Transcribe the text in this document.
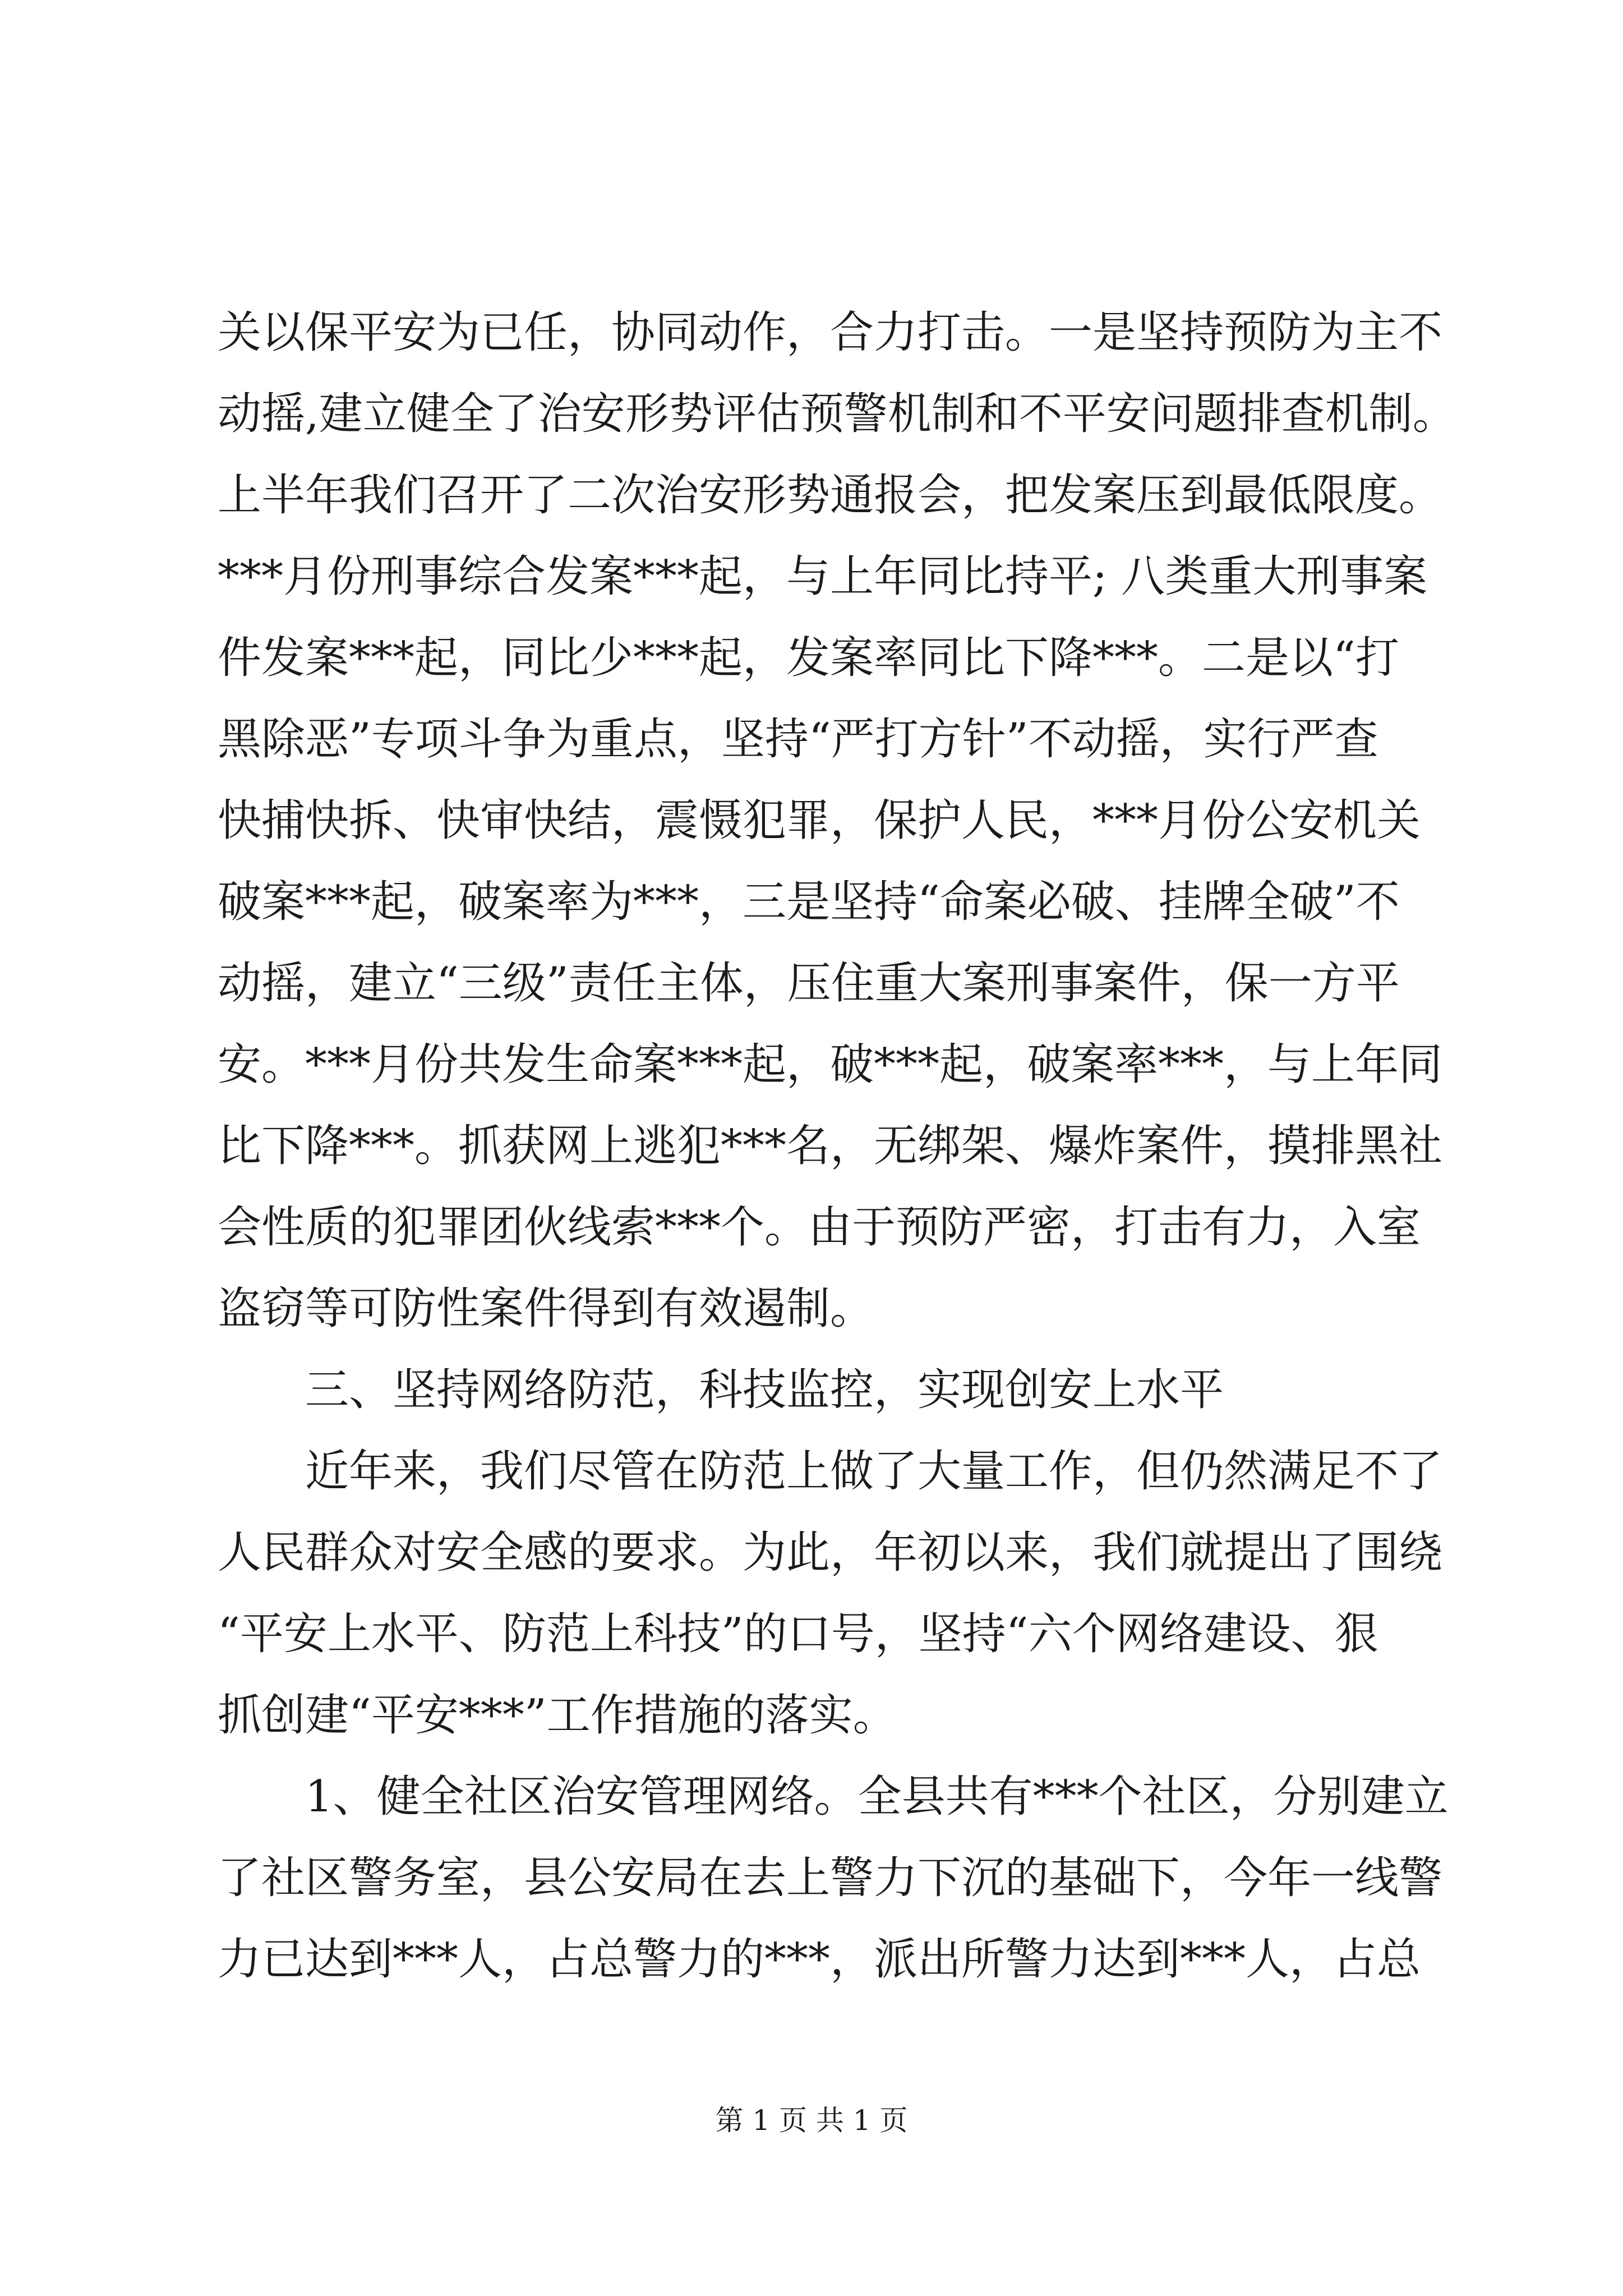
关以保平安为已任，协同动作，合力打击。一是坚持预防为主不

动摇,建立健全了治安形势评估预警机制和不平安问题排查机制。

上半年我们召开了二次治安形势通报会，把发案压到最低限度。

***月份刑事综合发案***起，与上年同比持平; 八类重大刑事案

件发案***起，同比少***起，发案率同比下降***。二是以“打

黑除恶”专项斗争为重点，坚持“严打方针”不动摇，实行严查

快捕快拆、快审快结，震慑犯罪，保护人民，***月份公安机关

破案***起，破案率为***，三是坚持“命案必破、挂牌全破”不

动摇，建立“三级”责任主体，压住重大案刑事案件，保一方平

安。***月份共发生命案***起，破***起，破案率***，与上年同

比下降***。抓获网上逃犯***名，无绑架、爆炸案件，摸排黑社

会性质的犯罪团伙线索***个。由于预防严密，打击有力，入室

盗窃等可防性案件得到有效遏制。

三、坚持网络防范，科技监控，实现创安上水平

近年来，我们尽管在防范上做了大量工作，但仍然满足不了

人民群众对安全感的要求。为此，年初以来，我们就提出了围绕

“平安上水平、防范上科技”的口号，坚持“六个网络建设、狠

抓创建“平安***”工作措施的落实。

1、健全社区治安管理网络。全县共有***个社区，分别建立

了社区警务室，县公安局在去上警力下沉的基础下，今年一线警

力已达到***人，占总警力的***，派出所警力达到***人，占总

第 1 页 共 1 页
